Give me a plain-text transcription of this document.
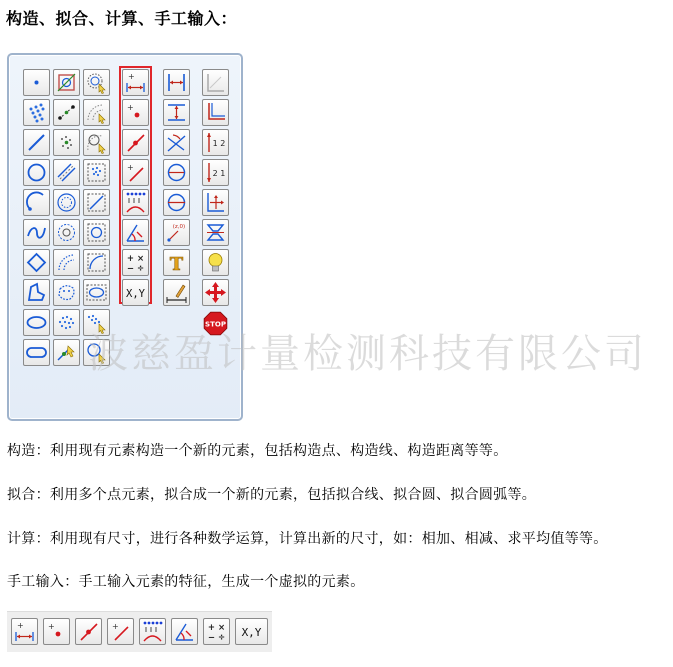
构造、拟合、计算、手工输入：
+
+
+
+ ×
− ÷
X,Y
(z,0)
T
1 2
2 1
STOP
波慈盈计量检测科技有限公司
构造：利用现有元素构造一个新的元素，包括构造点、构造线、构造距离等等。
拟合：利用多个点元素，拟合成一个新的元素，包括拟合线、拟合圆、拟合圆弧等。
计算：利用现有尺寸，进行各种数学运算，计算出新的尺寸，如：相加、相减、求平均值等等。
手工输入：手工输入元素的特征，生成一个虚拟的元素。
+	+	+	+ ×
− ÷ X,Y
